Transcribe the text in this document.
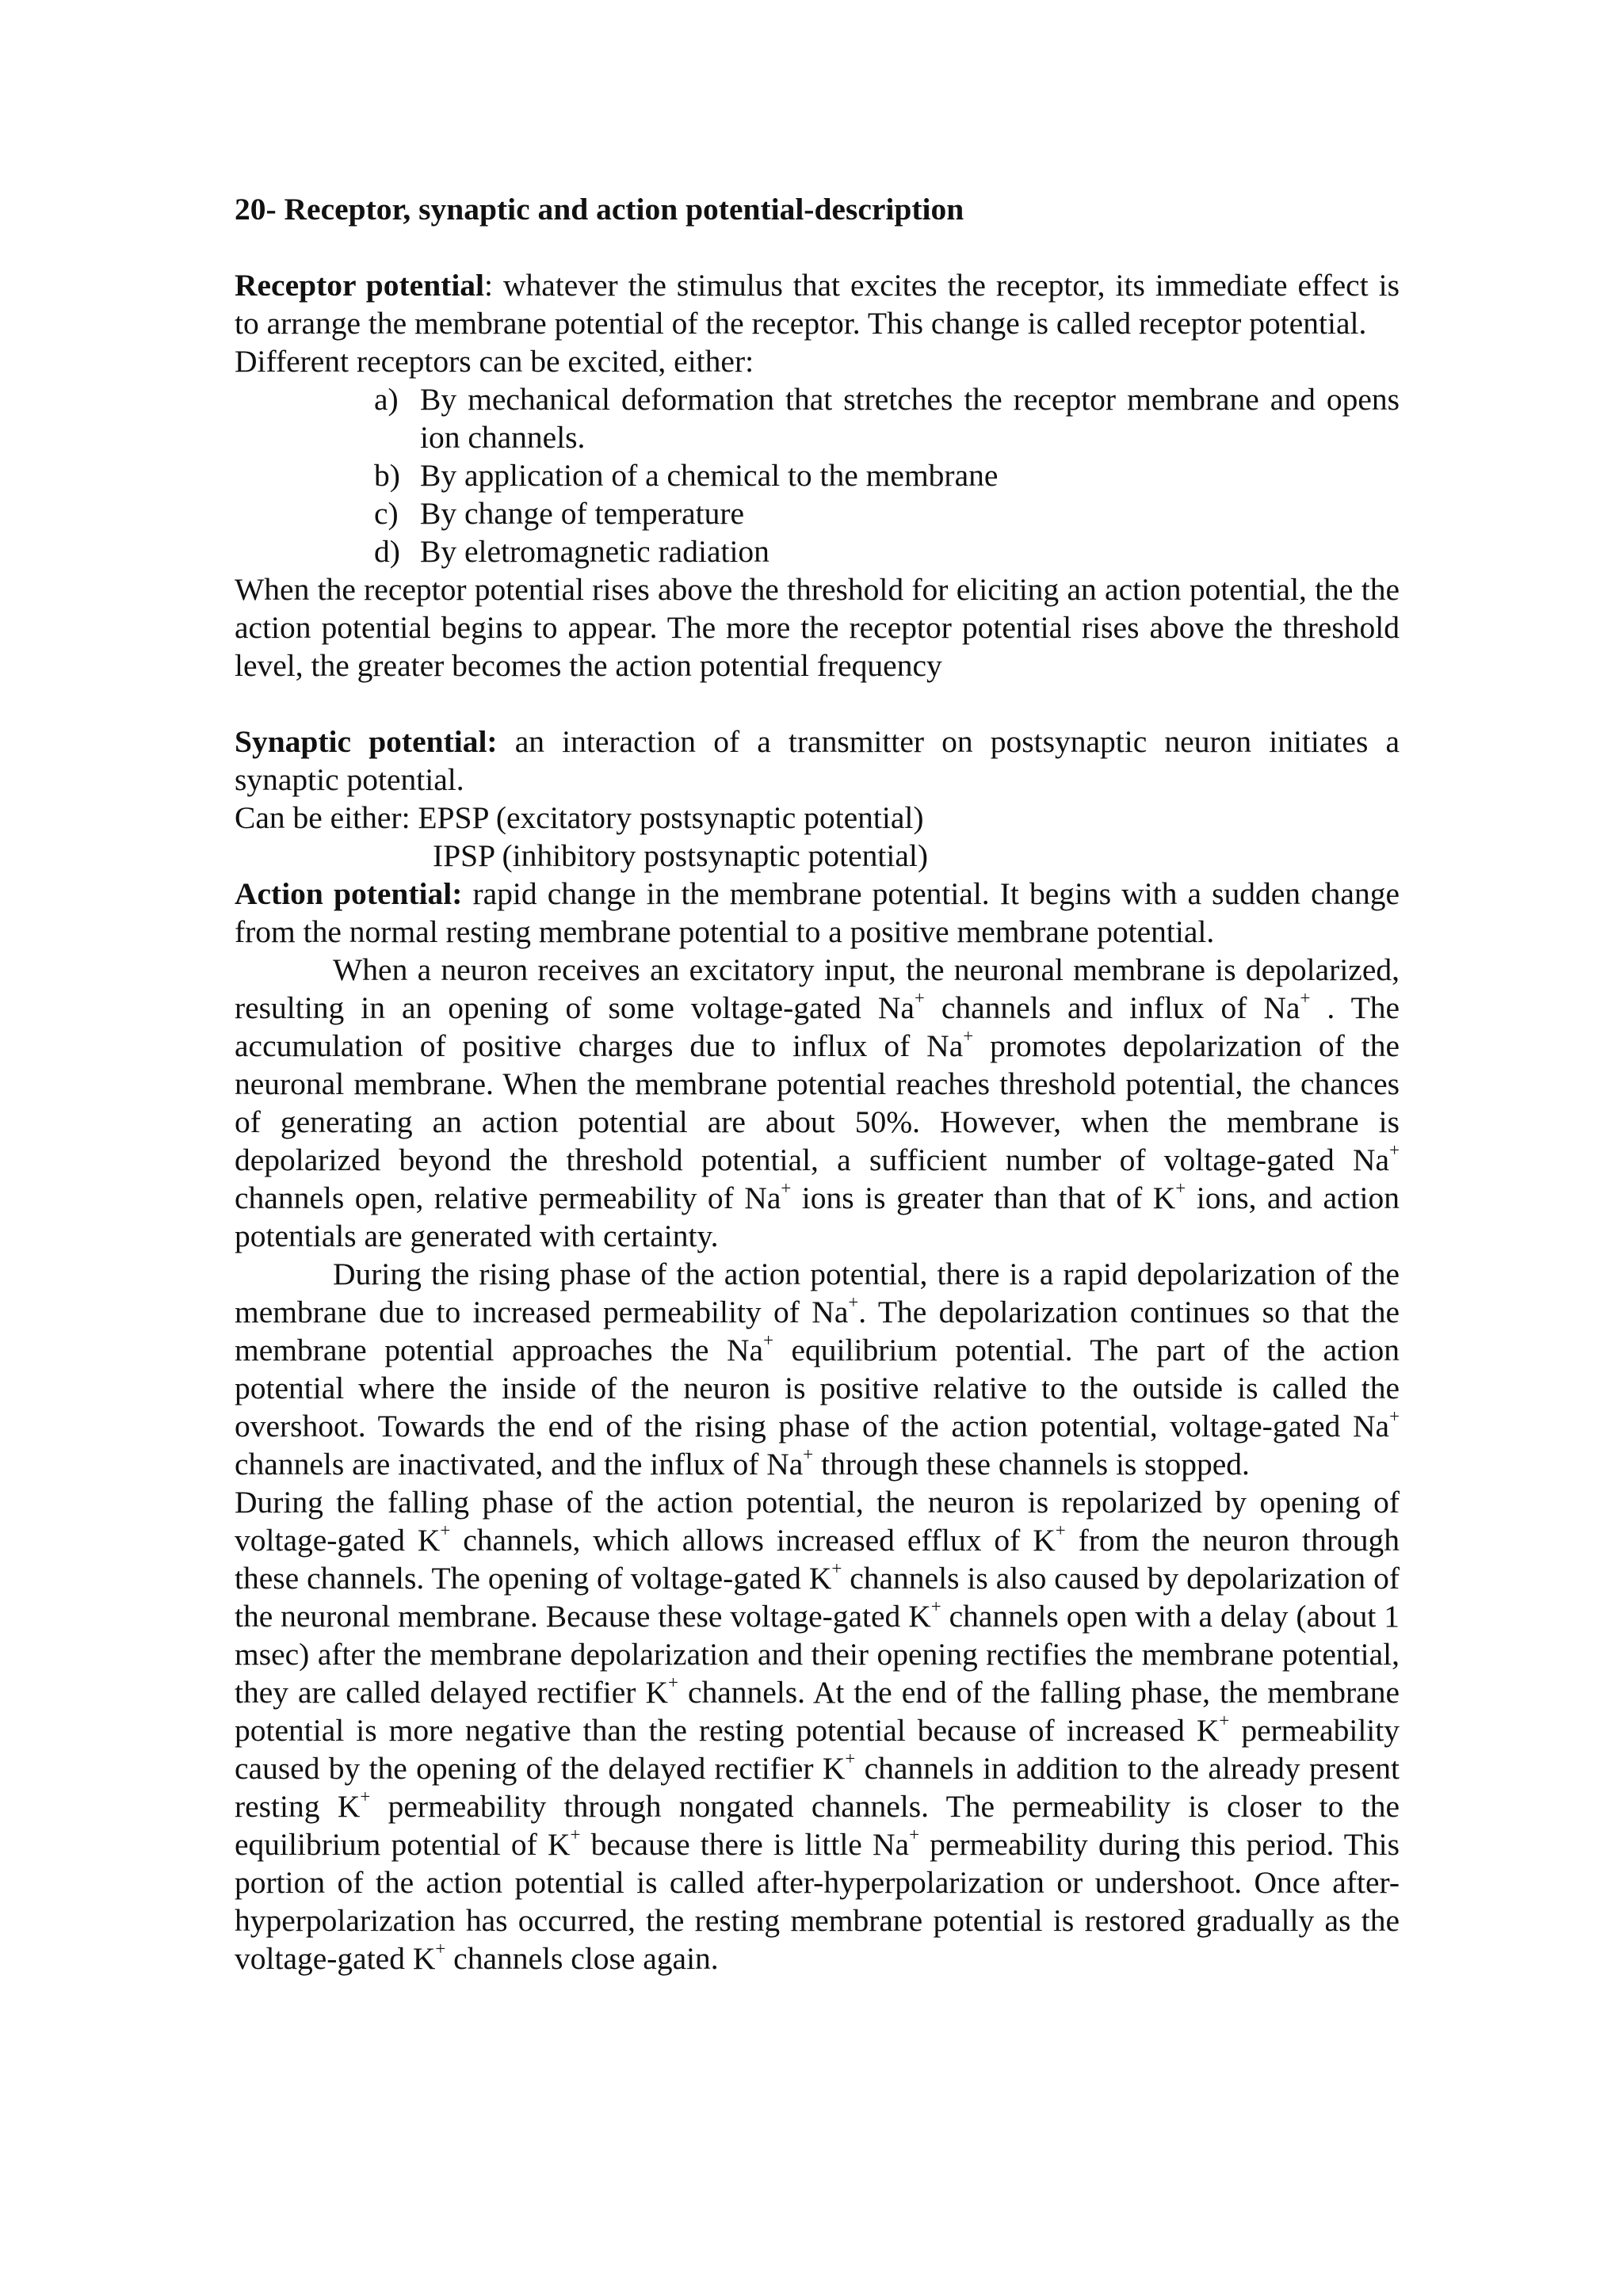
20- Receptor, synaptic and action potential-description

Receptor potential: whatever the stimulus that excites the receptor, its immediate effect is to arrange the membrane potential of the receptor. This change is called receptor potential.

Different receptors can be excited, either:

a) By mechanical deformation that stretches the receptor membrane and opens ion channels.
b) By application of a chemical to the membrane
c) By change of temperature
d) By eletromagnetic radiation

When the receptor potential rises above the threshold for eliciting an action potential, the the action potential begins to appear. The more the receptor potential rises above the threshold level, the greater becomes the action potential frequency

Synaptic potential: an interaction of a transmitter on postsynaptic neuron initiates a synaptic potential.

Can be either: EPSP (excitatory postsynaptic potential)

IPSP (inhibitory postsynaptic potential)

Action potential: rapid change in the membrane potential. It begins with a sudden change from the normal resting membrane potential to a positive membrane potential.

When a neuron receives an excitatory input, the neuronal membrane is depolarized, resulting in an opening of some voltage-gated Na+ channels and influx of Na+ . The accumulation of positive charges due to influx of Na+ promotes depolarization of the neuronal membrane. When the membrane potential reaches threshold potential, the chances of generating an action potential are about 50%. However, when the membrane is depolarized beyond the threshold potential, a sufficient number of voltage-gated Na+ channels open, relative permeability of Na+ ions is greater than that of K+ ions, and action potentials are generated with certainty.

During the rising phase of the action potential, there is a rapid depolarization of the membrane due to increased permeability of Na+. The depolarization continues so that the membrane potential approaches the Na+ equilibrium potential. The part of the action potential where the inside of the neuron is positive relative to the outside is called the overshoot. Towards the end of the rising phase of the action potential, voltage-gated Na+ channels are inactivated, and the influx of Na+ through these channels is stopped.

During the falling phase of the action potential, the neuron is repolarized by opening of voltage-gated K+ channels, which allows increased efflux of K+ from the neuron through these channels. The opening of voltage-gated K+ channels is also caused by depolarization of the neuronal membrane. Because these voltage-gated K+ channels open with a delay (about 1 msec) after the membrane depolarization and their opening rectifies the membrane potential, they are called delayed rectifier K+ channels. At the end of the falling phase, the membrane potential is more negative than the resting potential because of increased K+ permeability caused by the opening of the delayed rectifier K+ channels in addition to the already present resting K+ permeability through nongated channels. The permeability is closer to the equilibrium potential of K+ because there is little Na+ permeability during this period. This portion of the action potential is called after-hyperpolarization or undershoot. Once after-hyperpolarization has occurred, the resting membrane potential is restored gradually as the voltage-gated K+ channels close again.
